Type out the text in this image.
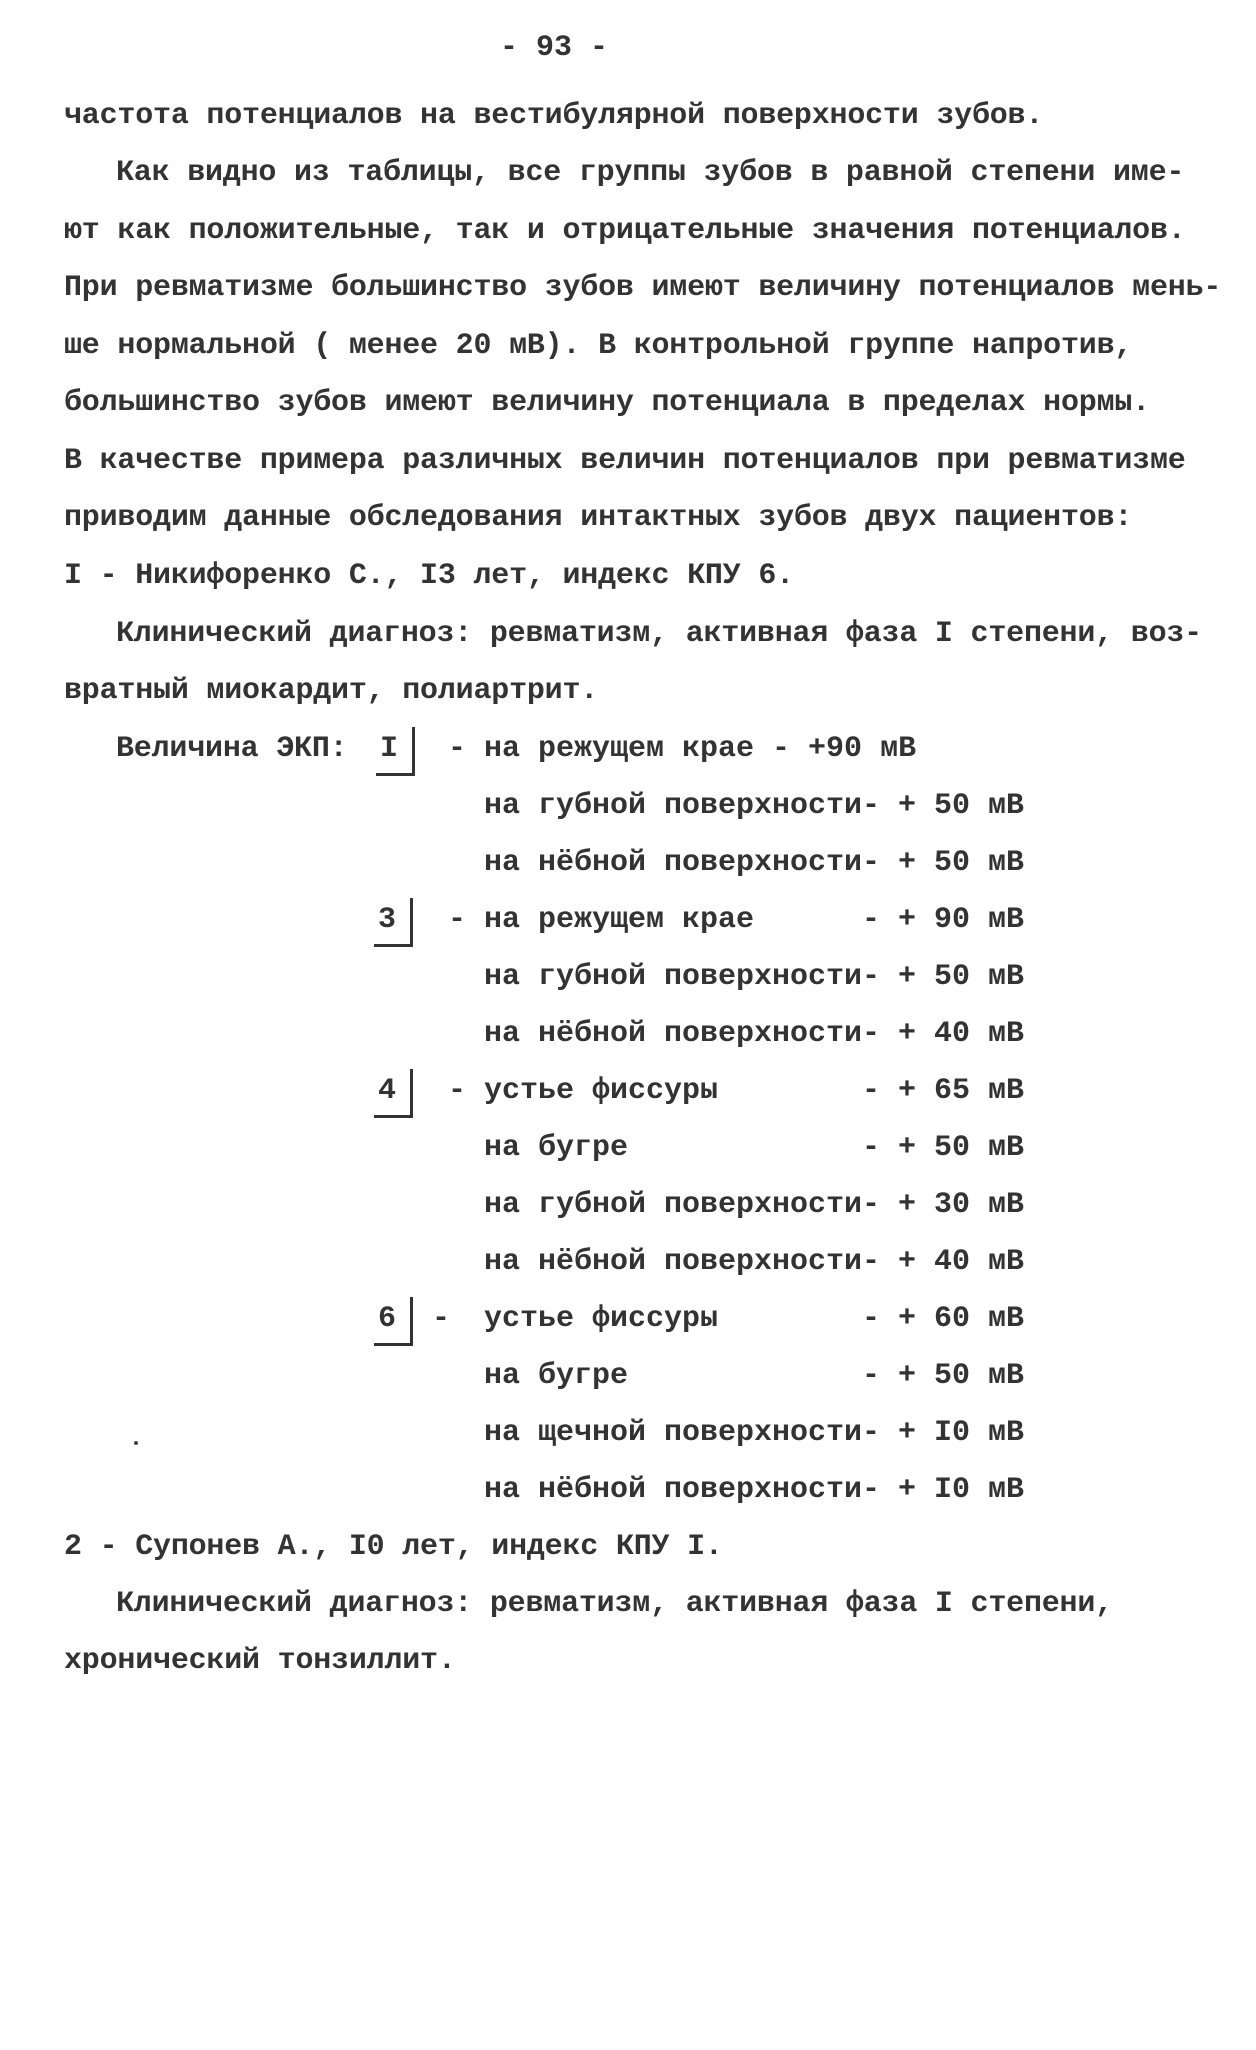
- 93 -
частота потенциалов на вестибулярной поверхности зубов.
Как видно из таблицы, все группы зубов в равной степени име-
ют как положительные, так и отрицательные значения потенциалов.
При ревматизме большинство зубов имеют величину потенциалов мень-
ше нормальной ( менее 20 мВ). В контрольной группе напротив,
большинство зубов имеют величину потенциала в пределах нормы.
В качестве примера различных величин потенциалов при ревматизме
приводим данные обследования интактных зубов двух пациентов:
I - Никифоренко С., I3 лет, индекс КПУ 6.
Клинический диагноз: ревматизм, активная фаза I степени, воз-
вратный миокардит, полиартрит.
Величина ЭКП: I - на режущем крае - +90 мВ
на губной поверхности - + 50 мВ
на нёбной поверхности - + 50 мВ
3 - на режущем крае	- + 90 мВ
на губной поверхности - + 50 мВ
на нёбной поверхности - + 40 мВ
4 - устье фиссуры	- + 65 мВ
на бугре	- + 50 мВ
на губной поверхности - + 30 мВ
на нёбной поверхности - + 40 мВ
6 - устье фиссуры	- + 60 мВ
на бугре	- + 50 мВ
на щечной поверхности - + I0 мВ
на нёбной поверхности - + I0 мВ
2 - Супонев А., I0 лет, индекс КПУ I.
Клинический диагноз: ревматизм, активная фаза I степени,
хронический тонзиллит.
